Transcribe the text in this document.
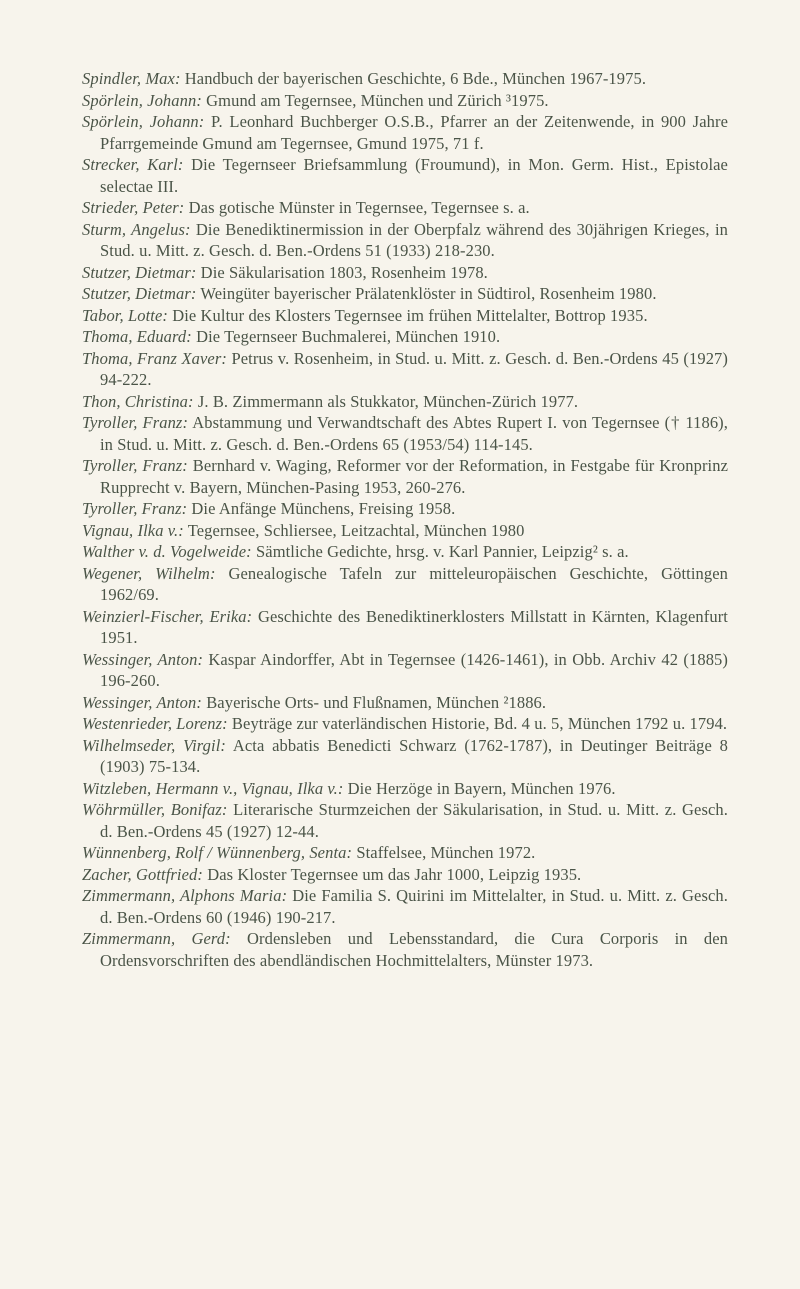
Spindler, Max: Handbuch der bayerischen Geschichte, 6 Bde., München 1967-1975.

Spörlein, Johann: Gmund am Tegernsee, München und Zürich ³1975.

Spörlein, Johann: P. Leonhard Buchberger O.S.B., Pfarrer an der Zeitenwende, in 900 Jahre Pfarrgemeinde Gmund am Tegernsee, Gmund 1975, 71 f.

Strecker, Karl: Die Tegernseer Briefsammlung (Froumund), in Mon. Germ. Hist., Epistolae selectae III.

Strieder, Peter: Das gotische Münster in Tegernsee, Tegernsee s. a.

Sturm, Angelus: Die Benediktinermission in der Oberpfalz während des 30jährigen Krieges, in Stud. u. Mitt. z. Gesch. d. Ben.-Ordens 51 (1933) 218-230.

Stutzer, Dietmar: Die Säkularisation 1803, Rosenheim 1978.

Stutzer, Dietmar: Weingüter bayerischer Prälatenklöster in Südtirol, Rosenheim 1980.

Tabor, Lotte: Die Kultur des Klosters Tegernsee im frühen Mittelalter, Bottrop 1935.

Thoma, Eduard: Die Tegernseer Buchmalerei, München 1910.

Thoma, Franz Xaver: Petrus v. Rosenheim, in Stud. u. Mitt. z. Gesch. d. Ben.-Ordens 45 (1927) 94-222.

Thon, Christina: J. B. Zimmermann als Stukkator, München-Zürich 1977.

Tyroller, Franz: Abstammung und Verwandtschaft des Abtes Rupert I. von Tegernsee († 1186), in Stud. u. Mitt. z. Gesch. d. Ben.-Ordens 65 (1953/54) 114-145.

Tyroller, Franz: Bernhard v. Waging, Reformer vor der Reformation, in Festgabe für Kronprinz Rupprecht v. Bayern, München-Pasing 1953, 260-276.

Tyroller, Franz: Die Anfänge Münchens, Freising 1958.

Vignau, Ilka v.: Tegernsee, Schliersee, Leitzachtal, München 1980

Walther v. d. Vogelweide: Sämtliche Gedichte, hrsg. v. Karl Pannier, Leipzig² s. a.

Wegener, Wilhelm: Genealogische Tafeln zur mitteleuropäischen Geschichte, Göttingen 1962/69.

Weinzierl-Fischer, Erika: Geschichte des Benediktinerklosters Millstatt in Kärnten, Klagenfurt 1951.

Wessinger, Anton: Kaspar Aindorffer, Abt in Tegernsee (1426-1461), in Obb. Archiv 42 (1885) 196-260.

Wessinger, Anton: Bayerische Orts- und Flußnamen, München ²1886.

Westenrieder, Lorenz: Beyträge zur vaterländischen Historie, Bd. 4 u. 5, München 1792 u. 1794.

Wilhelmseder, Virgil: Acta abbatis Benedicti Schwarz (1762-1787), in Deutinger Beiträge 8 (1903) 75-134.

Witzleben, Hermann v., Vignau, Ilka v.: Die Herzöge in Bayern, München 1976.

Wöhrmüller, Bonifaz: Literarische Sturmzeichen der Säkularisation, in Stud. u. Mitt. z. Gesch. d. Ben.-Ordens 45 (1927) 12-44.

Wünnenberg, Rolf / Wünnenberg, Senta: Staffelsee, München 1972.

Zacher, Gottfried: Das Kloster Tegernsee um das Jahr 1000, Leipzig 1935.

Zimmermann, Alphons Maria: Die Familia S. Quirini im Mittelalter, in Stud. u. Mitt. z. Gesch. d. Ben.-Ordens 60 (1946) 190-217.

Zimmermann, Gerd: Ordensleben und Lebensstandard, die Cura Corporis in den Ordensvorschriften des abendländischen Hochmittelalters, Münster 1973.
